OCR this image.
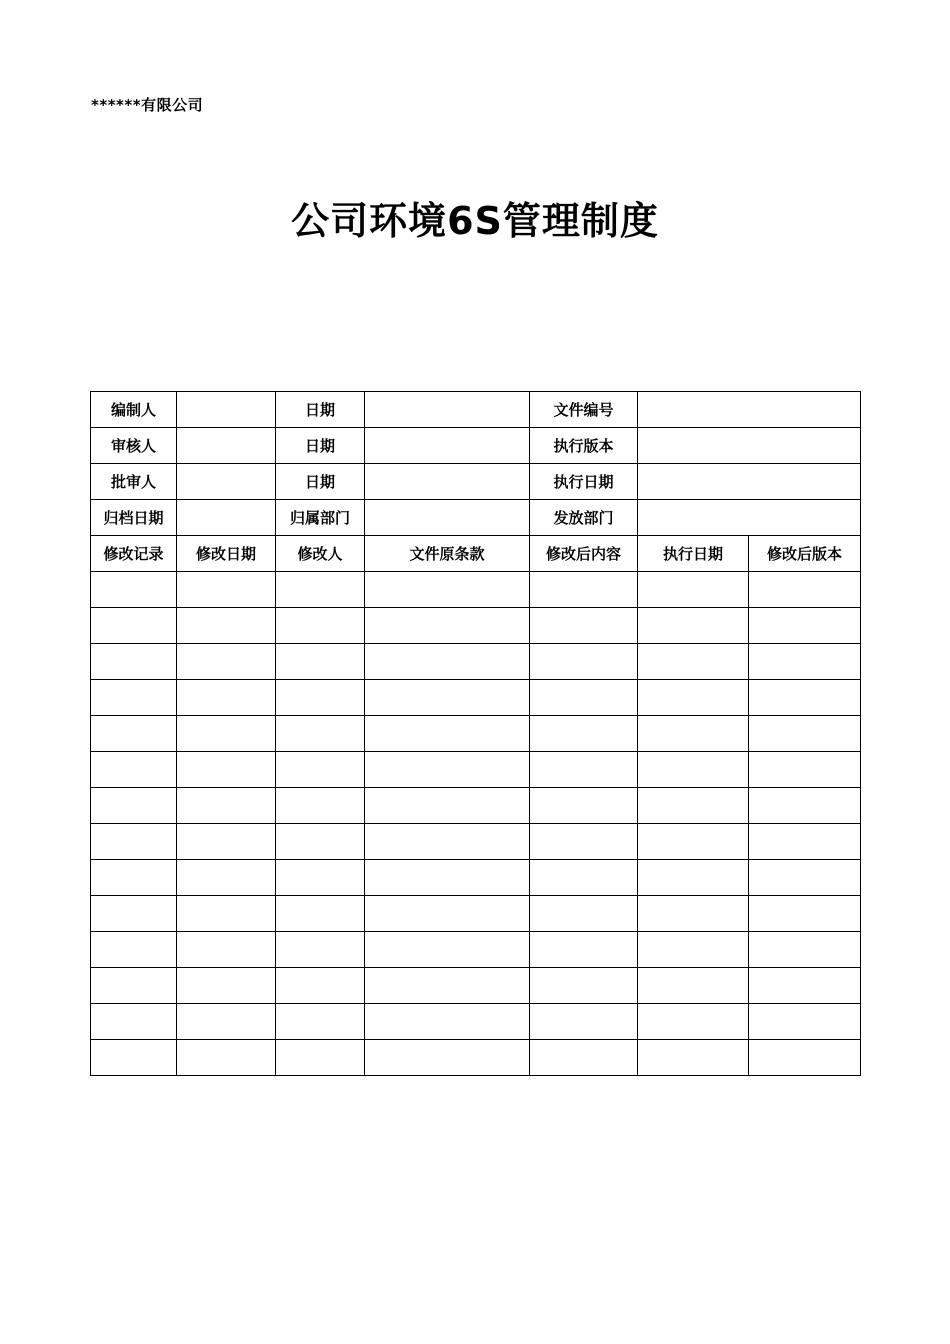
******有限公司
公司环境6S管理制度
编制人		日期		文件编号		
审核人		日期		执行版本		
批审人		日期		执行日期		
归档日期		归属部门		发放部门		
修改记录	修改日期	修改人	文件原条款	修改后内容	执行日期	修改后版本
